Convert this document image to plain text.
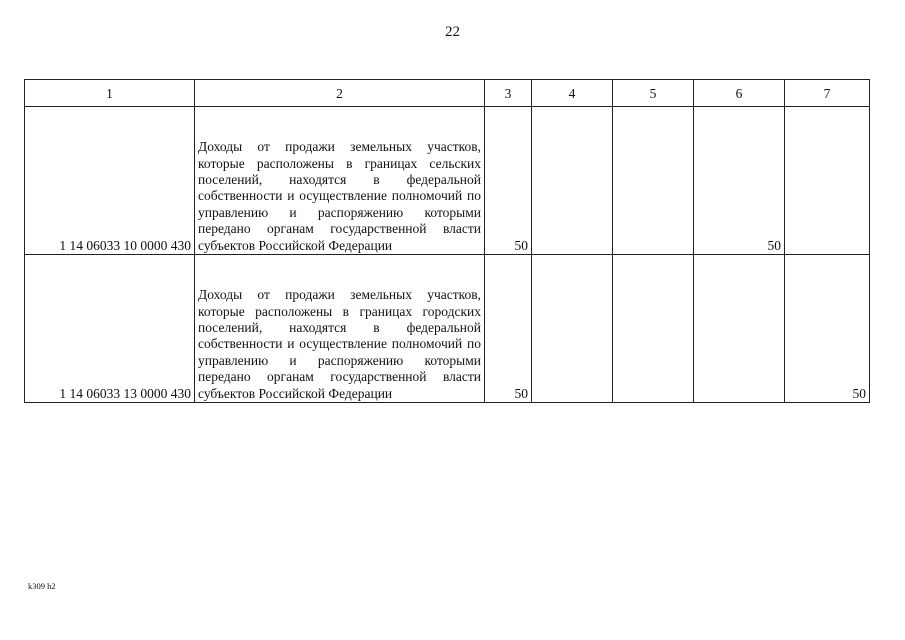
22
1	2	3	4	5	6	7
1 14 06033 10 0000 430	Доходы от продажи земельных участков, которые расположены в границах сельских поселений, находятся в федеральной собственности и осуществление полномочий по управлению и распоряжению которыми передано органам государственной власти субъектов Российской Федерации	50			50	
1 14 06033 13 0000 430	Доходы от продажи земельных участков, которые расположены в границах городских поселений, находятся в федеральной собственности и осуществление полномочий по управлению и распоряжению которыми передано органам государственной власти субъектов Российской Федерации	50				50
k309 h2
